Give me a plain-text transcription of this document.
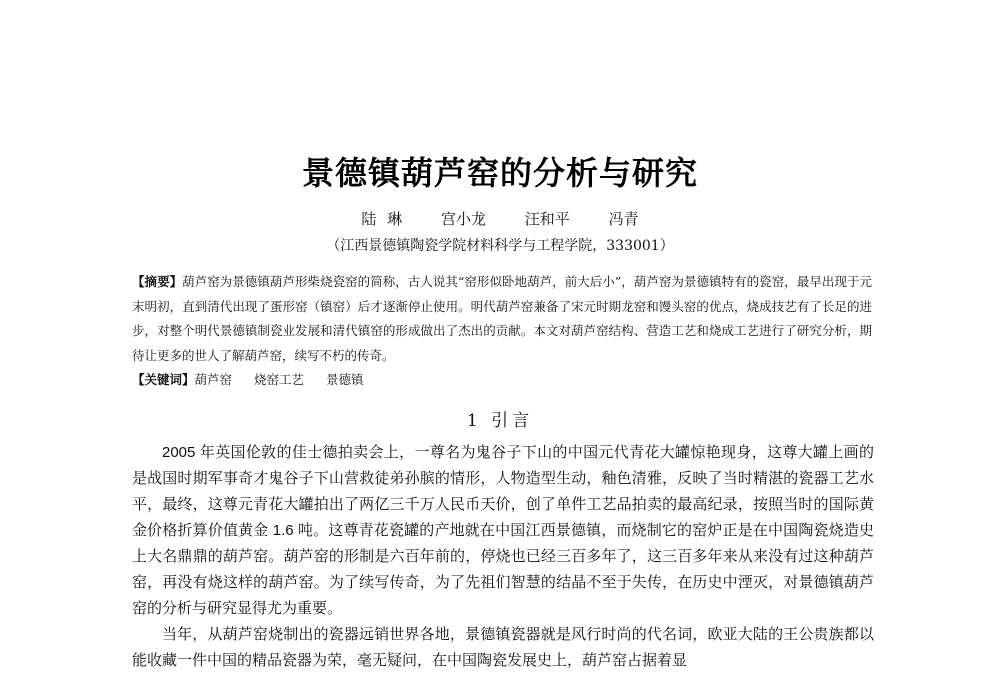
景德镇葫芦窑的分析与研究
陆 琳	宫小龙	汪和平	冯青
（江西景德镇陶瓷学院材料科学与工程学院，333001）
【摘要】葫芦窑为景德镇葫芦形柴烧瓷窑的简称，古人说其“窑形似卧地葫芦，前大后小”，葫芦窑为景德镇特有的瓷窑，最早出现于元末明初，直到清代出现了蛋形窑（镇窑）后才逐渐停止使用。明代葫芦窑兼备了宋元时期龙窑和馒头窑的优点，烧成技艺有了长足的进步，对整个明代景德镇制瓷业发展和清代镇窑的形成做出了杰出的贡献。本文对葫芦窑结构、营造工艺和烧成工艺进行了研究分析，期待让更多的世人了解葫芦窑，续写不朽的传奇。
【关键词】葫芦窑 烧窑工艺 景德镇
1 引言

2005 年英国伦敦的佳士德拍卖会上，一尊名为鬼谷子下山的中国元代青花大罐惊艳现身，这尊大罐上画的是战国时期军事奇才鬼谷子下山营救徒弟孙膑的情形，人物造型生动，釉色清雅，反映了当时精湛的瓷器工艺水平，最终，这尊元青花大罐拍出了两亿三千万人民币天价，创了单件工艺品拍卖的最高纪录，按照当时的国际黄金价格折算价值黄金 1.6 吨。这尊青花瓷罐的产地就在中国江西景德镇，而烧制它的窑炉正是在中国陶瓷烧造史上大名鼎鼎的葫芦窑。葫芦窑的形制是六百年前的，停烧也已经三百多年了，这三百多年来从来没有过这种葫芦窑，再没有烧这样的葫芦窑。为了续写传奇，为了先祖们智慧的结晶不至于失传，在历史中湮灭，对景德镇葫芦窑的分析与研究显得尤为重要。

当年，从葫芦窑烧制出的瓷器远销世界各地，景德镇瓷器就是风行时尚的代名词，欧亚大陆的王公贵族都以能收藏一件中国的精品瓷器为荣，毫无疑问，在中国陶瓷发展史上，葫芦窑占据着显
